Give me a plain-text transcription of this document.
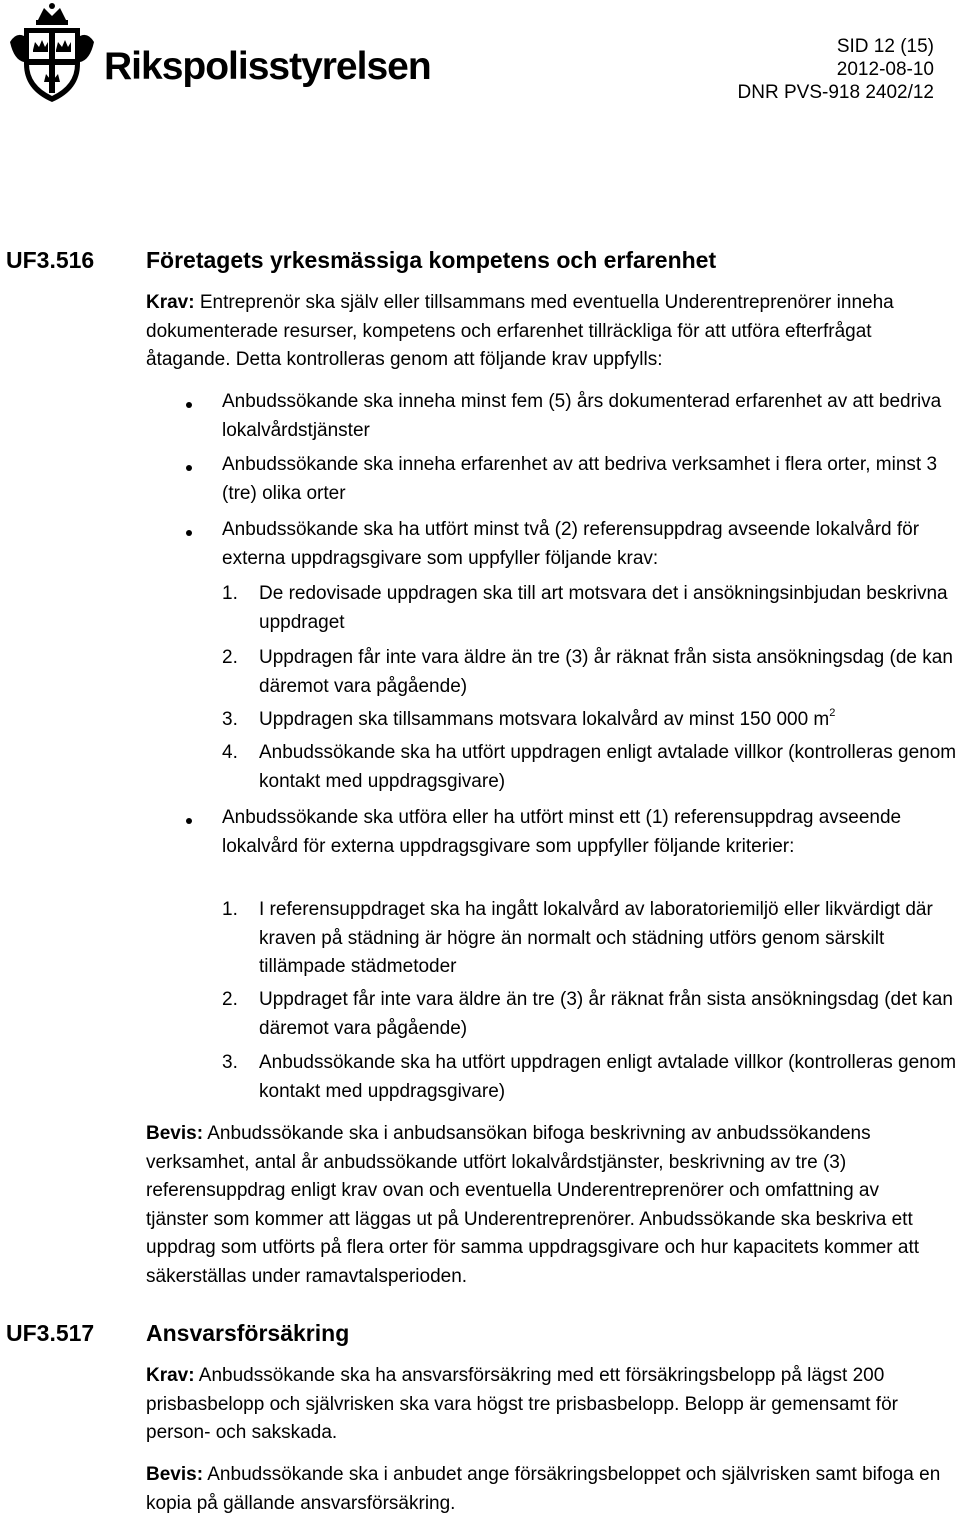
Rikspolisstyrelsen	SID 12 (15)
2012-08-10
DNR PVS-918 2402/12
UF3.516 Företagets yrkesmässiga kompetens och erfarenhet

Krav: Entreprenör ska själv eller tillsammans med eventuella Underentreprenörer inneha dokumenterade resurser, kompetens och erfarenhet tillräckliga för att utföra efterfrågat åtagande. Detta kontrolleras genom att följande krav uppfylls:

Anbudssökande ska inneha minst fem (5) års dokumenterad erfarenhet av att bedriva lokalvårdstjänster
Anbudssökande ska inneha erfarenhet av att bedriva verksamhet i flera orter, minst 3 (tre) olika orter
Anbudssökande ska ha utfört minst två (2) referensuppdrag avseende lokalvård för externa uppdragsgivare som uppfyller följande krav:
1. De redovisade uppdragen ska till art motsvara det i ansökningsinbjudan beskrivna uppdraget
2. Uppdragen får inte vara äldre än tre (3) år räknat från sista ansökningsdag (de kan däremot vara pågående)
3. Uppdragen ska tillsammans motsvara lokalvård av minst 150 000 $m^2$
4. Anbudssökande ska ha utfört uppdragen enligt avtalade villkor (kontrolleras genom kontakt med uppdragsgivare)
Anbudssökande ska utföra eller ha utfört minst ett (1) referensuppdrag avseende lokalvård för externa uppdragsgivare som uppfyller följande kriterier:
1. I referensuppdraget ska ha ingått lokalvård av laboratoriemiljö eller likvärdigt där kraven på städning är högre än normalt och städning utförs genom särskilt tillämpade städmetoder
2. Uppdraget får inte vara äldre än tre (3) år räknat från sista ansökningsdag (det kan däremot vara pågående)
3. Anbudssökande ska ha utfört uppdragen enligt avtalade villkor (kontrolleras genom kontakt med uppdragsgivare)

Bevis: Anbudssökande ska i anbudsansökan bifoga beskrivning av anbudssökandens verksamhet, antal år anbudssökande utfört lokalvårdstjänster, beskrivning av tre (3) referensuppdrag enligt krav ovan och eventuella Underentreprenörer och omfattning av tjänster som kommer att läggas ut på Underentreprenörer. Anbudssökande ska beskriva ett uppdrag som utförts på flera orter för samma uppdragsgivare och hur kapacitets kommer att säkerställas under ramavtalsperioden.

UF3.517 Ansvarsförsäkring

Krav: Anbudssökande ska ha ansvarsförsäkring med ett försäkringsbelopp på lägst 200 prisbasbelopp och självrisken ska vara högst tre prisbasbelopp. Belopp är gemensamt för person- och sakskada.

Bevis: Anbudssökande ska i anbudet ange försäkringsbeloppet och självrisken samt bifoga en kopia på gällande ansvarsförsäkring.
